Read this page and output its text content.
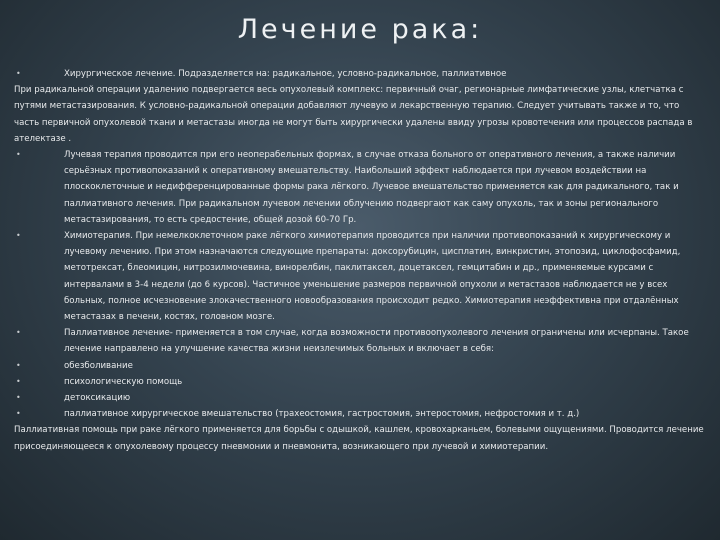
Лечение рака:

•	Хирургическое лечение. Подразделяется на: радикальное, условно-радикальное, паллиативное

При радикальной операции удалению подвергается весь опухолевый комплекс: первичный очаг, регионарные лимфатические узлы, клетчатка с путями метастазирования. К условно-радикальной операции добавляют лучевую и лекарственную терапию. Следует учитывать также и то, что часть первичной опухолевой ткани и метастазы иногда не могут быть хирургически удалены ввиду угрозы кровотечения или процессов распада в ателектазе .

•	Лучевая терапия проводится при его неоперабельных формах, в случае отказа больного от оперативного лечения, а также наличии серьёзных противопоказаний к оперативному вмешательству. Наибольший эффект наблюдается при лучевом воздействии на плоскоклеточные и недифференцированные формы рака лёгкого. Лучевое вмешательство применяется как для радикального, так и паллиативного лечения. При радикальном лучевом лечении облучению подвергают как саму опухоль, так и зоны регионального метастазирования, то есть средостение, общей дозой 60-70 Гр.

•	Химиотерапия. При немелкоклеточном раке лёгкого химиотерапия проводится при наличии противопоказаний к хирургическому и лучевому лечению. При этом назначаются следующие препараты: доксорубицин, цисплатин, винкристин, этопозид, циклофосфамид, метотрексат, блеомицин, нитрозилмочевина, винорелбин, паклитаксел, доцетаксел, гемцитабин и др., применяемые курсами с интервалами в 3-4 недели (до 6 курсов). Частичное уменьшение размеров первичной опухоли и метастазов наблюдается не у всех больных, полное исчезновение злокачественного новообразования происходит редко. Химиотерапия неэффективна при отдалённых метастазах в печени, костях, головном мозге.

•	Паллиативное лечение- применяется в том случае, когда возможности противоопухолевого лечения ограничены или исчерпаны. Такое лечение направлено на улучшение качества жизни неизлечимых больных и включает в себя:

•	обезболивание

•	психологическую помощь

•	детоксикацию

•	паллиативное хирургическое вмешательство (трахеостомия, гастростомия, энтеростомия, нефростомия и т. д.)

Паллиативная помощь при раке лёгкого применяется для борьбы с одышкой, кашлем, кровохарканьем, болевыми ощущениями. Проводится лечение присоединяющееся к опухолевому процессу пневмонии и пневмонита, возникающего при лучевой и химиотерапии.
